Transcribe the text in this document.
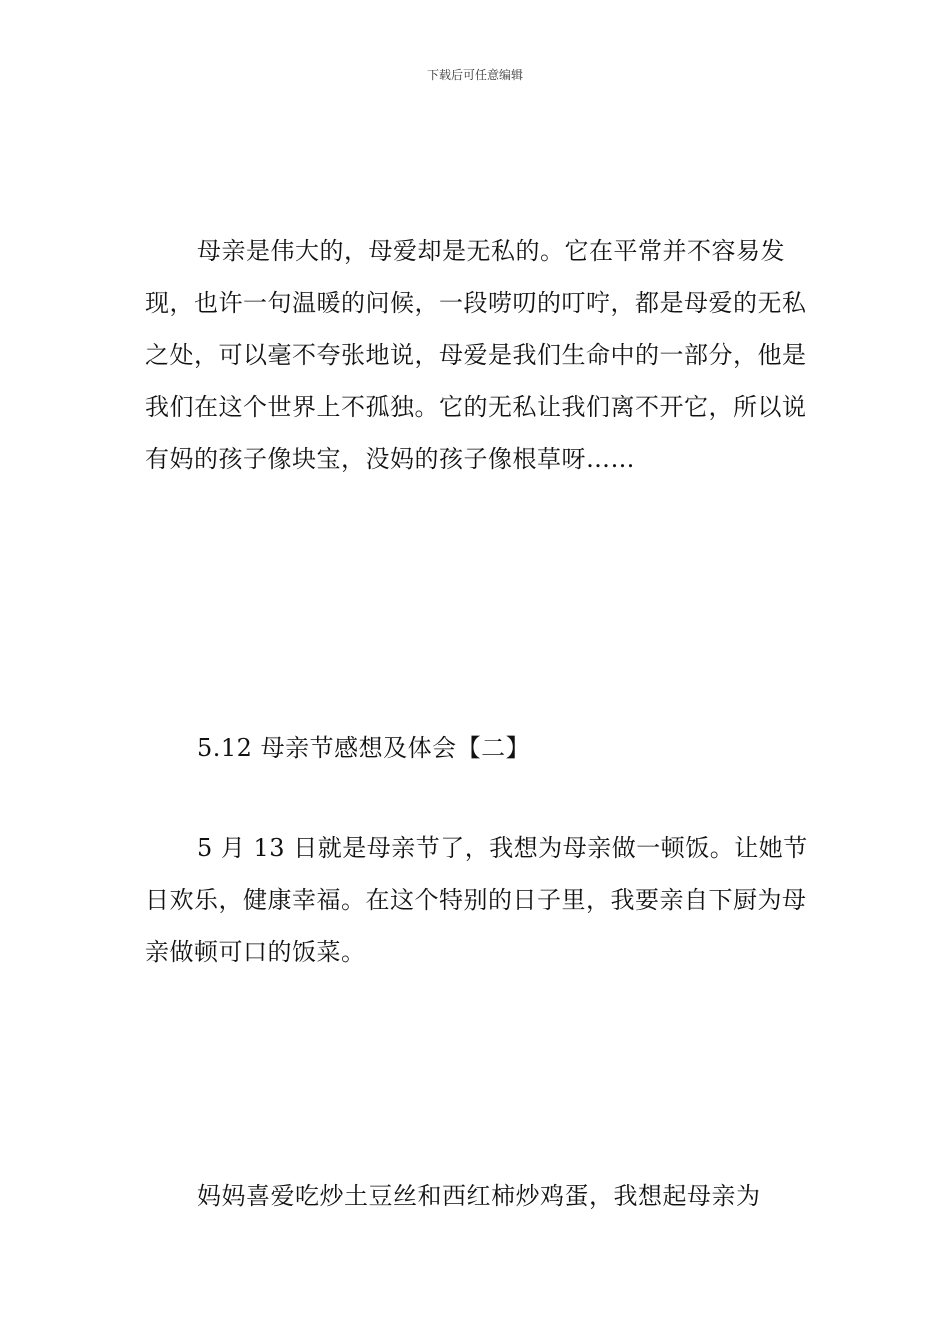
下载后可任意编辑
母亲是伟大的，母爱却是无私的。它在平常并不容易发现，也许一句温暖的问候，一段唠叨的叮咛，都是母爱的无私之处，可以毫不夸张地说，母爱是我们生命中的一部分，他是我们在这个世界上不孤独。它的无私让我们离不开它，所以说有妈的孩子像块宝，没妈的孩子像根草呀……
5.12 母亲节感想及体会【二】
5 月 13 日就是母亲节了，我想为母亲做一顿饭。让她节日欢乐，健康幸福。在这个特别的日子里，我要亲自下厨为母亲做顿可口的饭菜。
妈妈喜爱吃炒土豆丝和西红柿炒鸡蛋，我想起母亲为
